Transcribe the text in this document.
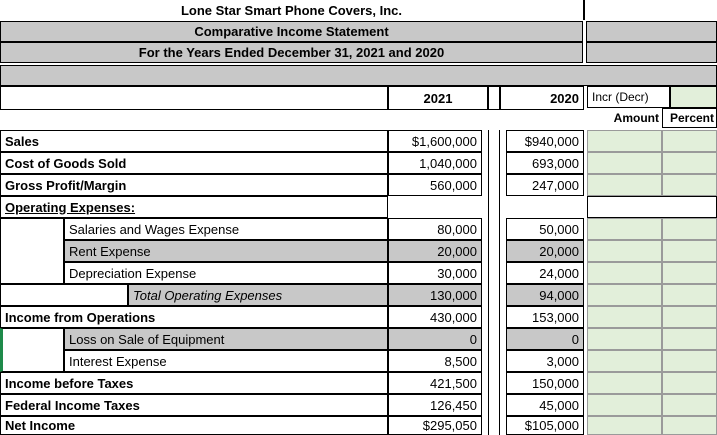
Lone Star Smart Phone Covers, Inc.
Comparative Income Statement
For the Years Ended December 31, 2021 and 2020
2021	2020	Incr (Decr)
Amount Percent
Sales	$1,600,000	$940,000
Cost of Goods Sold	1,040,000	693,000
Gross Profit/Margin	560,000	247,000
Operating Expenses:
Salaries and Wages Expense	80,000	50,000
Rent Expense	20,000	20,000
Depreciation Expense	30,000	24,000
Total Operating Expenses	130,000	94,000
Income from Operations	430,000	153,000
Loss on Sale of Equipment	0	0
Interest Expense	8,500	3,000
Income before Taxes	421,500	150,000
Federal Income Taxes	126,450	45,000
Net Income	$295,050	$105,000
